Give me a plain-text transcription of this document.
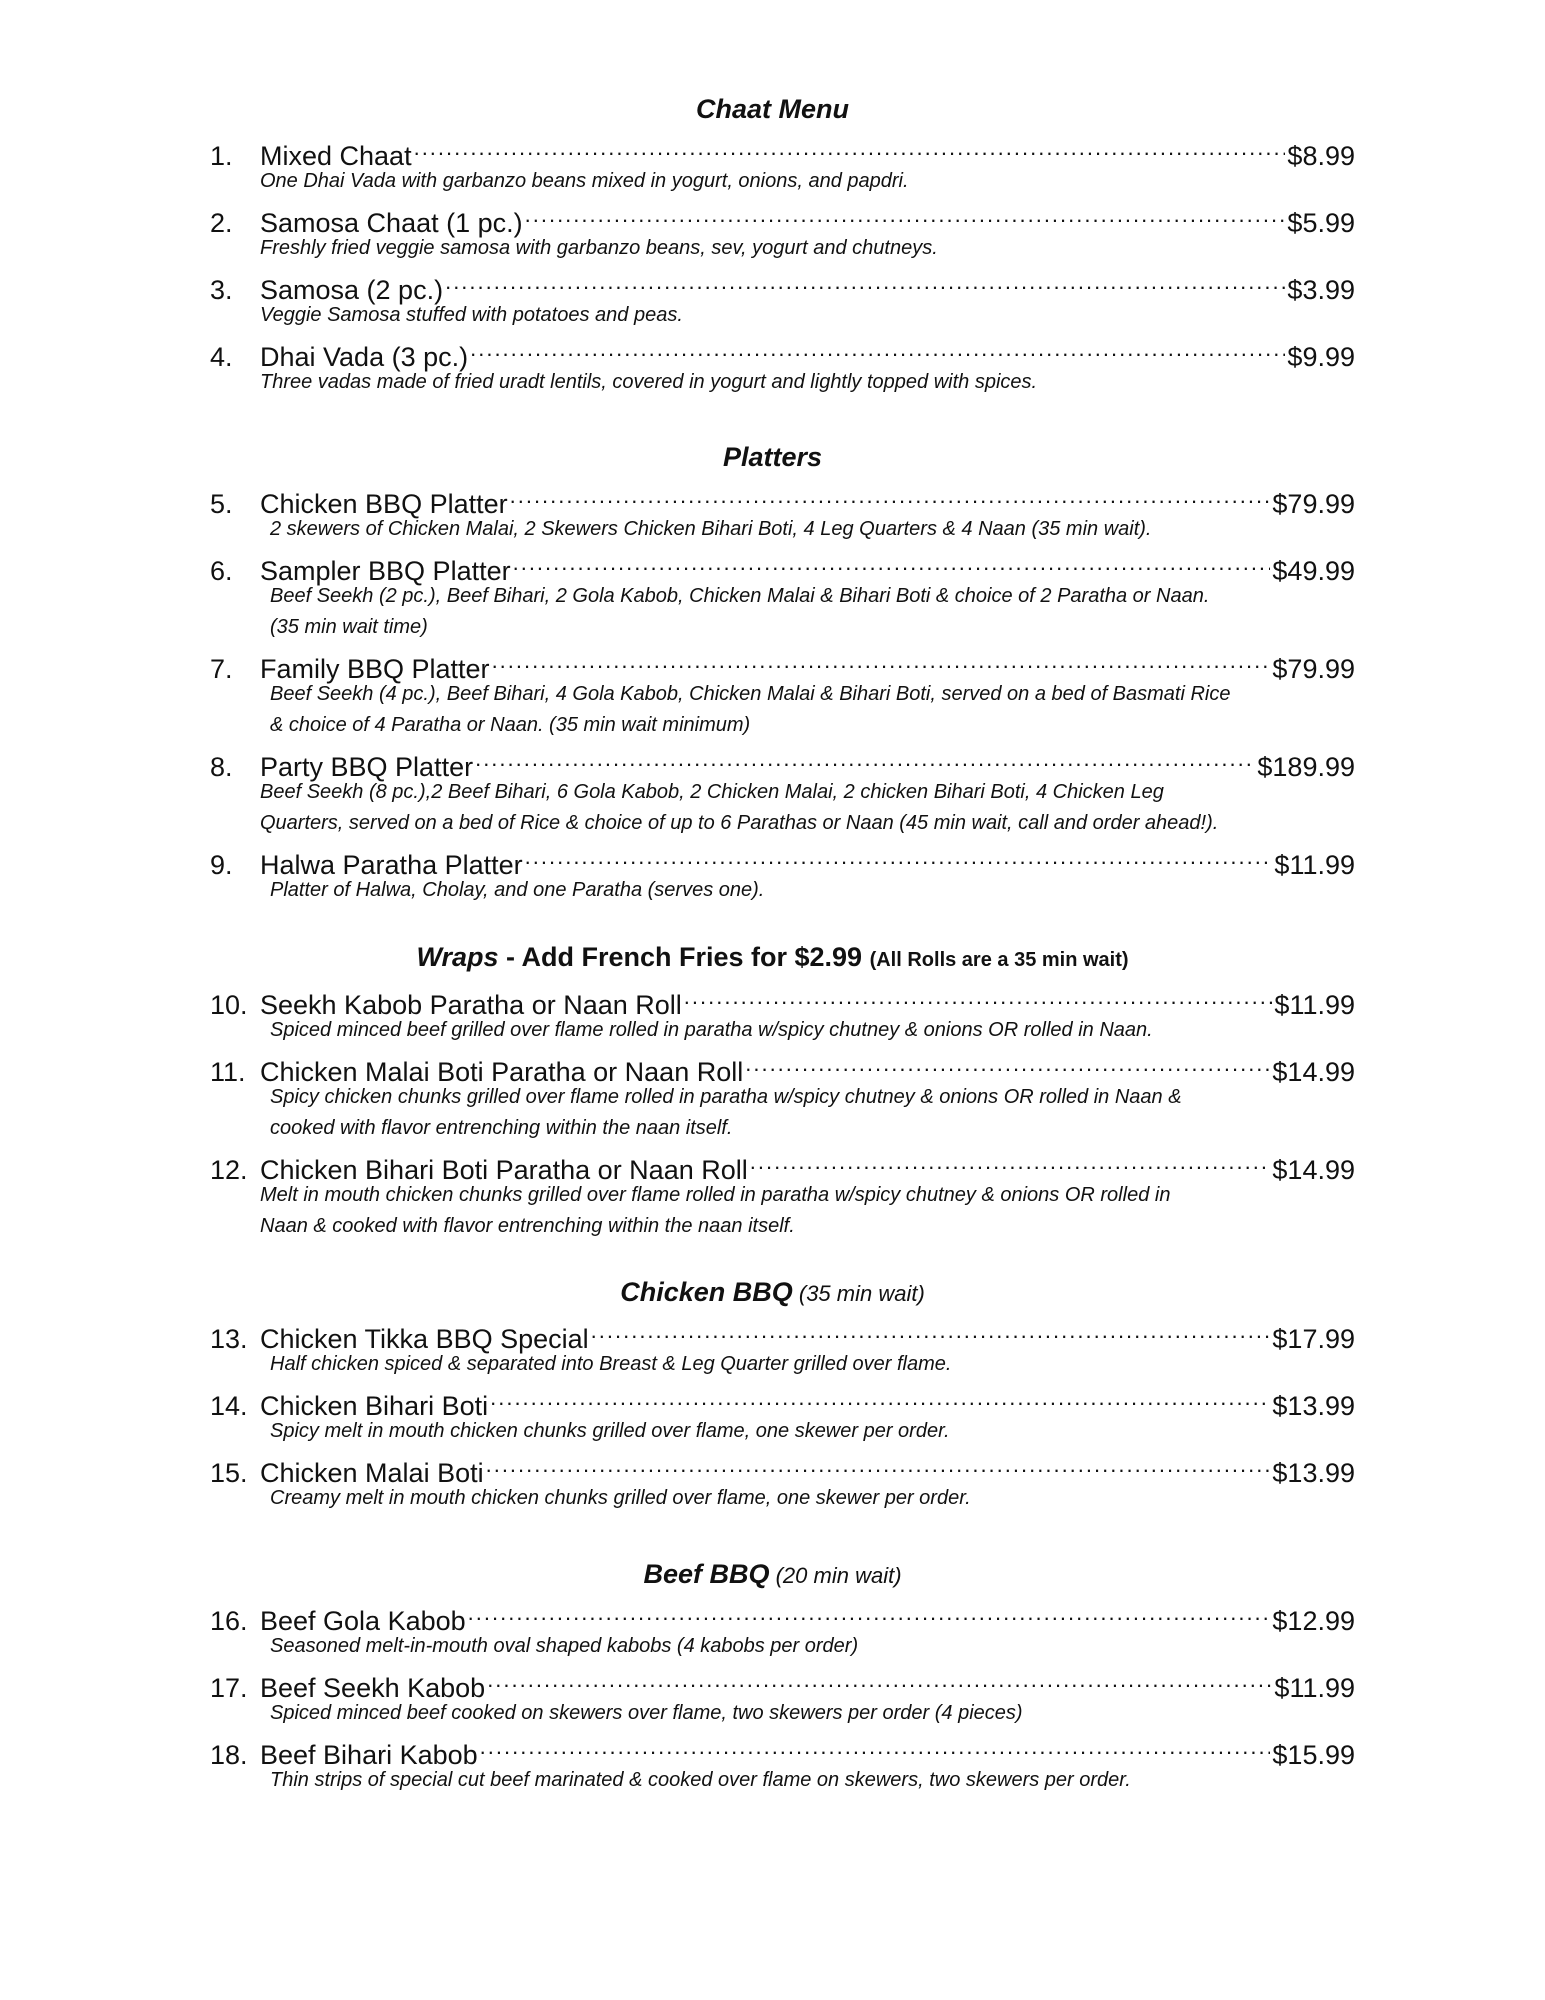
Chaat Menu
1.	Mixed Chaat .....	$8.99
One Dhai Vada with garbanzo beans mixed in yogurt, onions, and papdri.
2.	Samosa Chaat (1 pc.) .....	$5.99
Freshly fried veggie samosa with garbanzo beans, sev, yogurt and chutneys.
3.	Samosa (2 pc.) .....	$3.99
Veggie Samosa stuffed with potatoes and peas.
4.	Dhai Vada (3 pc.) .....	$9.99
Three vadas made of fried uradt lentils, covered in yogurt and lightly topped with spices.
Platters
5.	Chicken BBQ Platter .....	$79.99
2 skewers of Chicken Malai, 2 Skewers Chicken Bihari Boti, 4 Leg Quarters & 4 Naan (35 min wait).
6.	Sampler BBQ Platter .....	$49.99
Beef Seekh (2 pc.), Beef Bihari, 2 Gola Kabob, Chicken Malai & Bihari Boti & choice of 2 Paratha or Naan.
(35 min wait time)
7.	Family BBQ Platter .....	$79.99
Beef Seekh (4 pc.), Beef Bihari, 4 Gola Kabob, Chicken Malai & Bihari Boti, served on a bed of Basmati Rice
& choice of 4 Paratha or Naan. (35 min wait minimum)
8.	Party BBQ Platter .....	$189.99
Beef Seekh (8 pc.),2 Beef Bihari, 6 Gola Kabob, 2 Chicken Malai, 2 chicken Bihari Boti, 4 Chicken Leg
Quarters, served on a bed of Rice & choice of up to 6 Parathas or Naan (45 min wait, call and order ahead!).
9.	Halwa Paratha Platter .....	$11.99
Platter of Halwa, Cholay, and one Paratha (serves one).
Wraps - Add French Fries for $2.99 (All Rolls are a 35 min wait)
10. Seekh Kabob Paratha or Naan Roll .....	$11.99
Spiced minced beef grilled over flame rolled in paratha w/spicy chutney & onions OR rolled in Naan.
11. Chicken Malai Boti Paratha or Naan Roll .....	$14.99
Spicy chicken chunks grilled over flame rolled in paratha w/spicy chutney & onions OR rolled in Naan &
cooked with flavor entrenching within the naan itself.
12. Chicken Bihari Boti Paratha or Naan Roll .....	$14.99
Melt in mouth chicken chunks grilled over flame rolled in paratha w/spicy chutney & onions OR rolled in
Naan & cooked with flavor entrenching within the naan itself.
Chicken BBQ (35 min wait)
13. Chicken Tikka BBQ Special .....	$17.99
Half chicken spiced & separated into Breast & Leg Quarter grilled over flame.
14. Chicken Bihari Boti .....	$13.99
Spicy melt in mouth chicken chunks grilled over flame, one skewer per order.
15. Chicken Malai Boti .....	$13.99
Creamy melt in mouth chicken chunks grilled over flame, one skewer per order.
Beef BBQ (20 min wait)
16. Beef Gola Kabob .....	$12.99
Seasoned melt-in-mouth oval shaped kabobs (4 kabobs per order)
17. Beef Seekh Kabob .....	$11.99
Spiced minced beef cooked on skewers over flame, two skewers per order (4 pieces)
18. Beef Bihari Kabob .....	$15.99
Thin strips of special cut beef marinated & cooked over flame on skewers, two skewers per order.
